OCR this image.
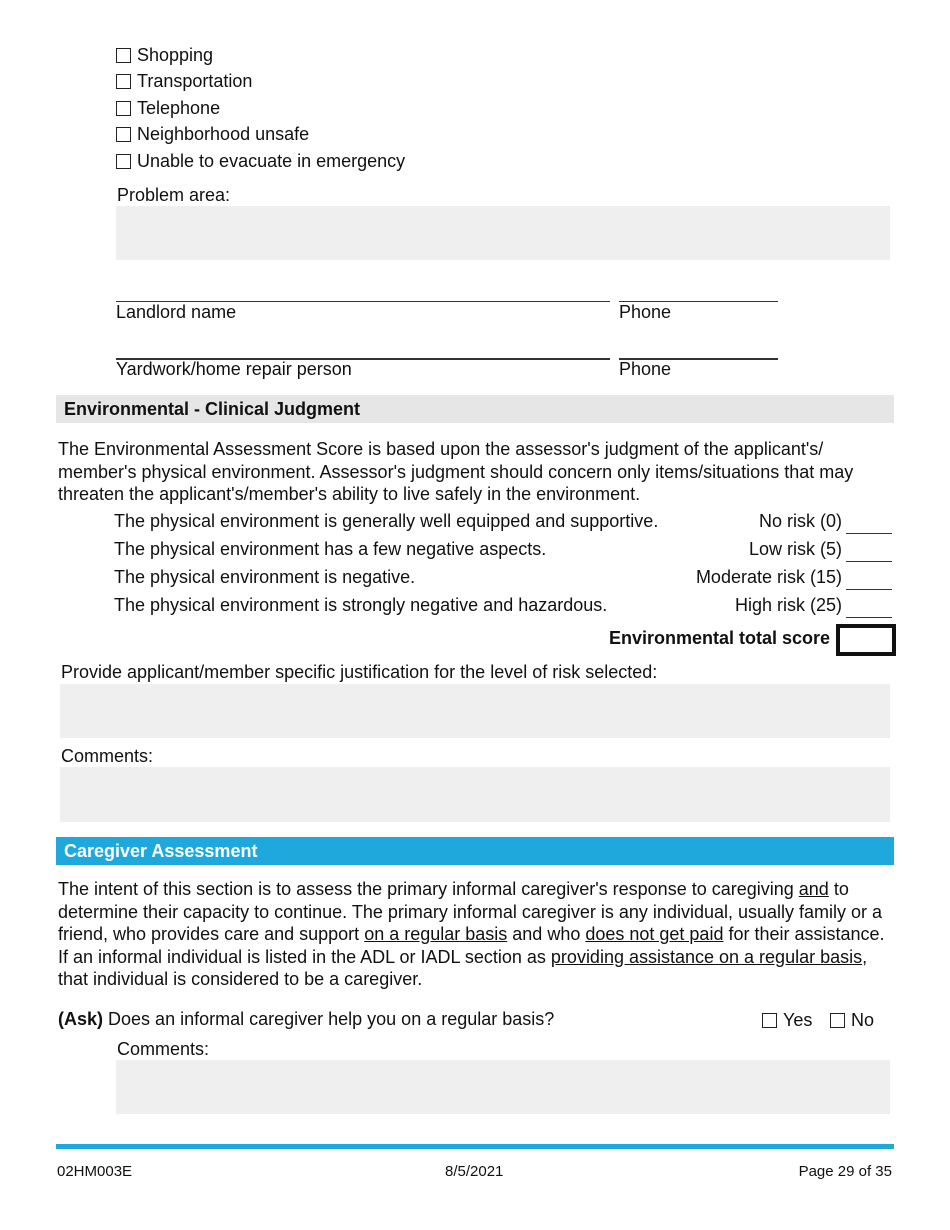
Shopping
Transportation
Telephone
Neighborhood unsafe
Unable to evacuate in emergency
Problem area:
Landlord name	Phone
Yardwork/home repair person	Phone
Environmental - Clinical Judgment
The Environmental Assessment Score is based upon the assessor's judgment of the applicant's/ member's physical environment. Assessor's judgment should concern only items/situations that may threaten the applicant's/member's ability to live safely in the environment.
The physical environment is generally well equipped and supportive.	No risk (0)
The physical environment has a few negative aspects.	Low risk (5)
The physical environment is negative.	Moderate risk (15)
The physical environment is strongly negative and hazardous.	High risk (25)
Environmental total score
Provide applicant/member specific justification for the level of risk selected:
Comments:
Caregiver Assessment
The intent of this section is to assess the primary informal caregiver's response to caregiving and to determine their capacity to continue. The primary informal caregiver is any individual, usually family or a friend, who provides care and support on a regular basis and who does not get paid for their assistance. If an informal individual is listed in the ADL or IADL section as providing assistance on a regular basis, that individual is considered to be a caregiver.
(Ask) Does an informal caregiver help you on a regular basis?	Yes No
Comments:
02HM003E	8/5/2021	Page 29 of 35
